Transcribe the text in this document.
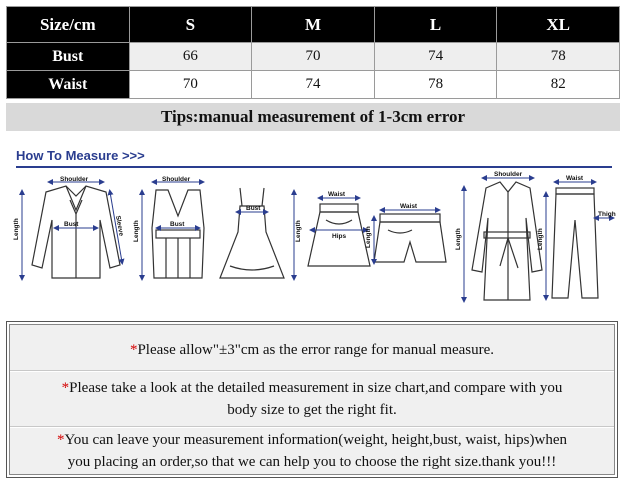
Size/cm	S	M	L	XL
Bust	66	70	74	78
Waist	70	74	78	82
Tips:manual measurement of 1-3cm error
How To Measure >>>
Shoulder
Bust
Length	Sleeve
Shoulder
Bust
Length
Bust
Length
Waist
Hips
Waist
Length
Shoulder
Length
Waist
Thigh
Length
*Please allow"±3"cm as the error range for manual measure.
*Please take a look at the detailed measurement in size chart,and compare with you
body size to get the right fit.
*You can leave your measurement information(weight, height,bust, waist, hips)when
you placing an order,so that we can help you to choose the right size.thank you!!!
